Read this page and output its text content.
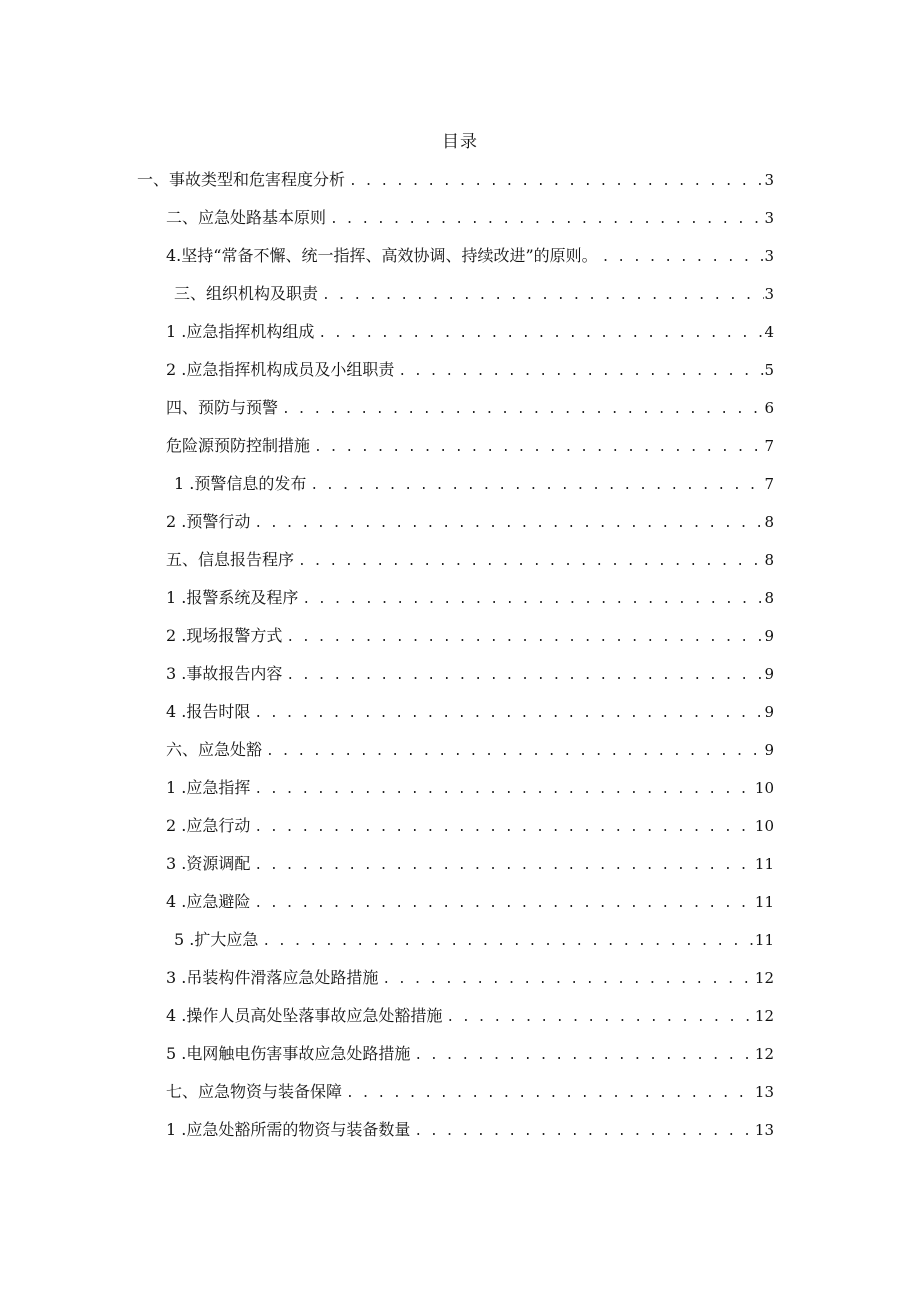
目录
一、事故类型和危害程度分析 . . .	3
二、应急处路基本原则 . . .	3
4.坚持“常备不懈、统一指挥、高效协调、持续改进”的原则。 . . .	3
三、组织机构及职责 . . .	3
1 .应急指挥机构组成 . . .	4
2 .应急指挥机构成员及小组职责 . . .	5
四、预防与预警 . . .	6
危险源预防控制措施 . . .	7
1 .预警信息的发布 . . .	7
2 .预警行动 . . .	8
五、信息报告程序 . . .	8
1 .报警系统及程序 . . .	8
2 .现场报警方式 . . .	9
3 .事故报告内容 . . .	9
4 .报告时限 . . .	9
六、应急处豁 . . .	9
1 .应急指挥 . . .	10
2 .应急行动 . . .	10
3 .资源调配 . . .	11
4 .应急避险 . . .	11
5 .扩大应急 . . .	11
3 .吊装构件滑落应急处路措施 . . .	12
4 .操作人员高处坠落事故应急处豁措施 . . .	12
5 .电网触电伤害事故应急处路措施 . . .	12
七、应急物资与装备保障 . . .	13
1 .应急处豁所需的物资与装备数量 . . .	13
